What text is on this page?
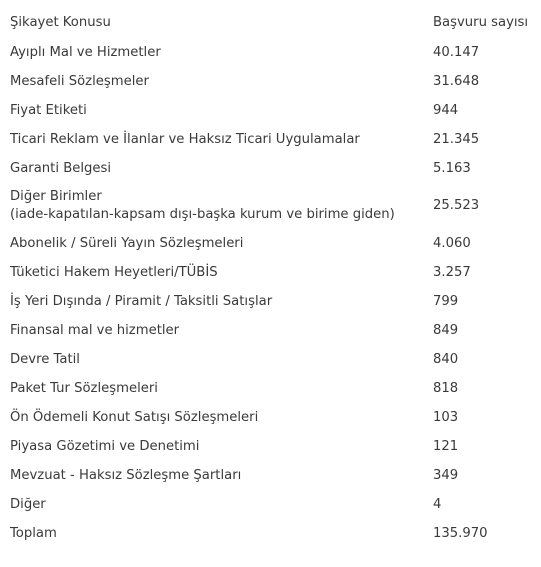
Şikayet Konusu	Başvuru sayısı
Ayıplı Mal ve Hizmetler	40.147
Mesafeli Sözleşmeler	31.648
Fiyat Etiketi	944
Ticari Reklam ve İlanlar ve Haksız Ticari Uygulamalar	21.345
Garanti Belgesi	5.163

Diğer Birimler
(iade-kapatılan-kapsam dışı-başka kurum ve birime giden)	25.523
Abonelik / Süreli Yayın Sözleşmeleri	4.060
Tüketici Hakem Heyetleri/TÜBİS	3.257
İş Yeri Dışında / Piramit / Taksitli Satışlar	799
Finansal mal ve hizmetler	849
Devre Tatil	840
Paket Tur Sözleşmeleri	818
Ön Ödemeli Konut Satışı Sözleşmeleri	103
Piyasa Gözetimi ve Denetimi	121
Mevzuat - Haksız Sözleşme Şartları	349
Diğer	4
Toplam	135.970
